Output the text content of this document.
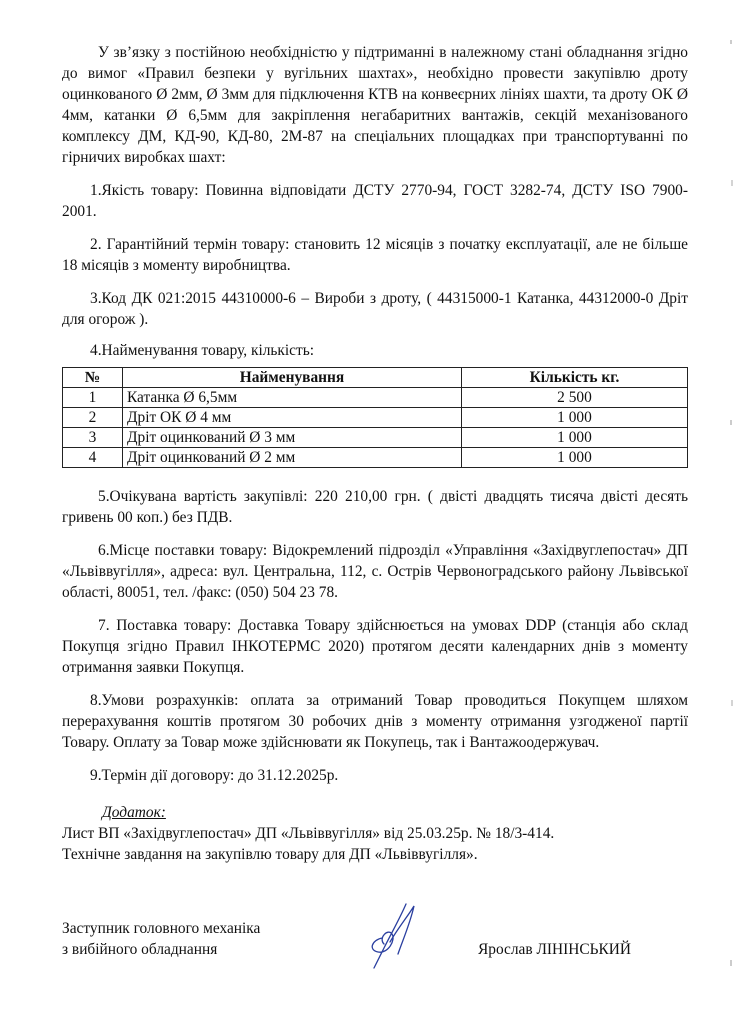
У зв’язку з постійною необхідністю у підтриманні в належному стані обладнання згідно до вимог «Правил безпеки у вугільних шахтах», необхідно провести закупівлю дроту оцинкованого Ø 2мм, Ø 3мм для підключення КТВ на конвеєрних лініях шахти, та дроту ОК Ø 4мм, катанки Ø 6,5мм для закріплення негабаритних вантажів, секцій механізованого комплексу ДМ, КД-90, КД-80, 2М-87 на спеціальних площадках при транспортуванні по гірничих виробках шахт:

1.Якість товару: Повинна відповідати ДСТУ 2770-94, ГОСТ 3282-74, ДСТУ ISO 7900-2001.

2. Гарантійний термін товару: становить 12 місяців з початку експлуатації, але не більше 18 місяців з моменту виробництва.

3.Код ДК 021:2015 44310000-6 – Вироби з дроту, ( 44315000-1 Катанка, 44312000-0 Дріт для огорож ).

4.Найменування товару, кількість:

№	Найменування	Кількість кг.
1	Катанка Ø 6,5мм	2 500
2	Дріт ОК Ø 4 мм	1 000
3	Дріт оцинкований Ø 3 мм	1 000
4	Дріт оцинкований Ø 2 мм	1 000

5.Очікувана вартість закупівлі: 220 210,00 грн. ( двісті двадцять тисяча двісті десять гривень 00 коп.) без ПДВ.

6.Місце поставки товару: Відокремлений підрозділ «Управління «Західвуглепостач» ДП «Львіввугілля», адреса: вул. Центральна, 112, с. Острів Червоноградського району Львівської області, 80051, тел. /факс: (050) 504 23 78.

7. Поставка товару: Доставка Товару здійснюється на умовах DDP (станція або склад Покупця згідно Правил ІНКОТЕРМС 2020) протягом десяти календарних днів з моменту отримання заявки Покупця.

8.Умови розрахунків: оплата за отриманий Товар проводиться Покупцем шляхом перерахування коштів протягом 30 робочих днів з моменту отримання узгодженої партії Товару. Оплату за Товар може здійснювати як Покупець, так і Вантажоодержувач.

9.Термін дії договору: до 31.12.2025р.

Додаток:

Лист ВП «Західвуглепостач» ДП «Львіввугілля» від 25.03.25р. № 18/3-414.

Технічне завдання на закупівлю товару для ДП «Львіввугілля».

Заступник головного механіка
з вибійного обладнання	Ярослав ЛІНІНСЬКИЙ
